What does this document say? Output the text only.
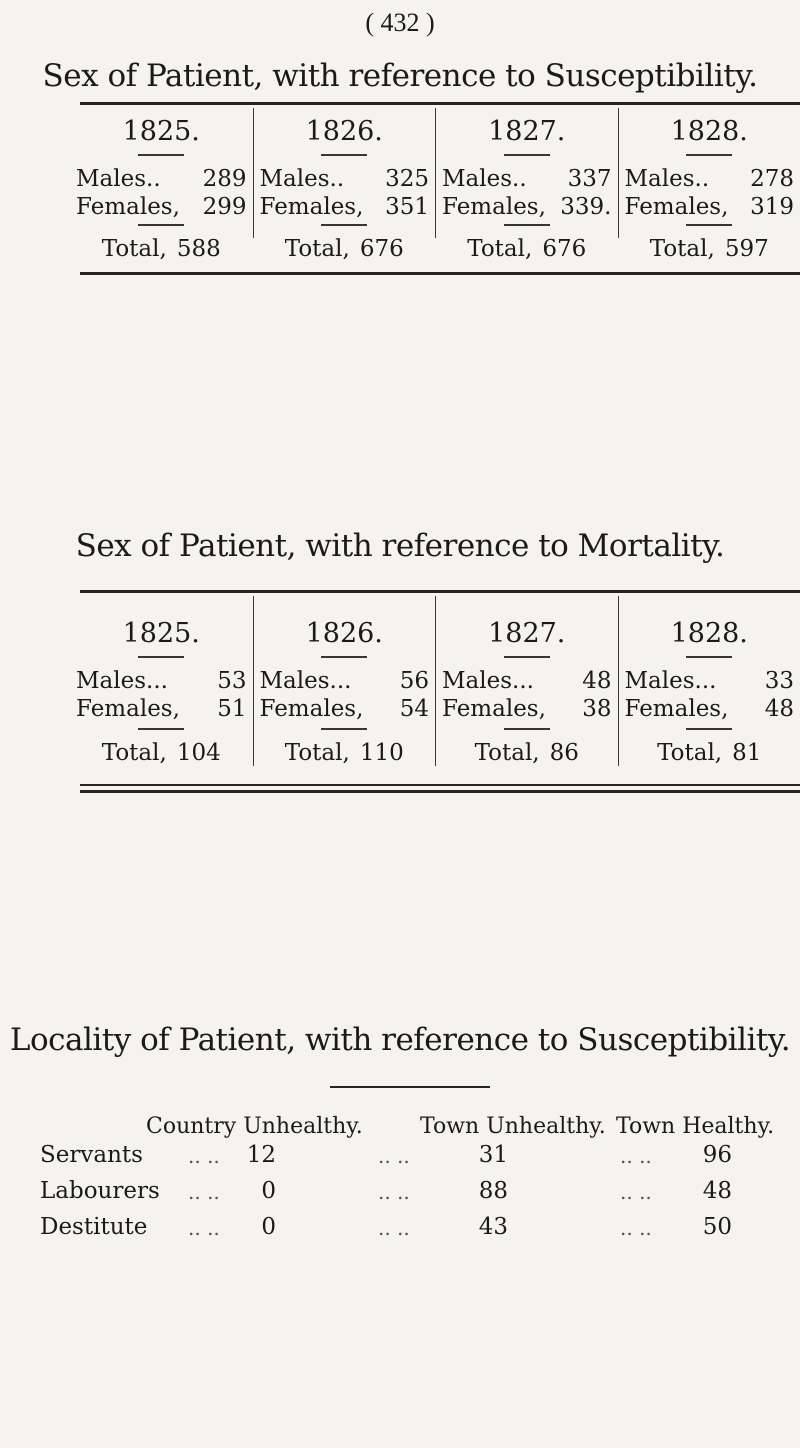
( 432 )
Sex of Patient, with reference to Susceptibility.
1825.
Males.. 289
Females, 299
Total, 588
1826.
Males.. 325
Females, 351
Total, 676
1827.
Males.. 337
Females, 339.
Total, 676
1828.
Males.. 278
Females, 319
Total, 597
Sex of Patient, with reference to Mortality.
1825.
Males... 53
Females, 51
Total, 104
1826.
Males... 56
Females, 54
Total, 110
1827.
Males... 48
Females, 38
Total, 86
1828.
Males... 33
Females, 48
Total, 81
Locality of Patient, with reference to Susceptibility.
Country Unhealthy.	Town Unhealthy. Town Healthy.
Servants .. ..	12	.. ..	31	.. ..	96
Labourers .. ..	0	.. ..	88	.. ..	48
Destitute .. ..	0	.. ..	43	.. ..	50
